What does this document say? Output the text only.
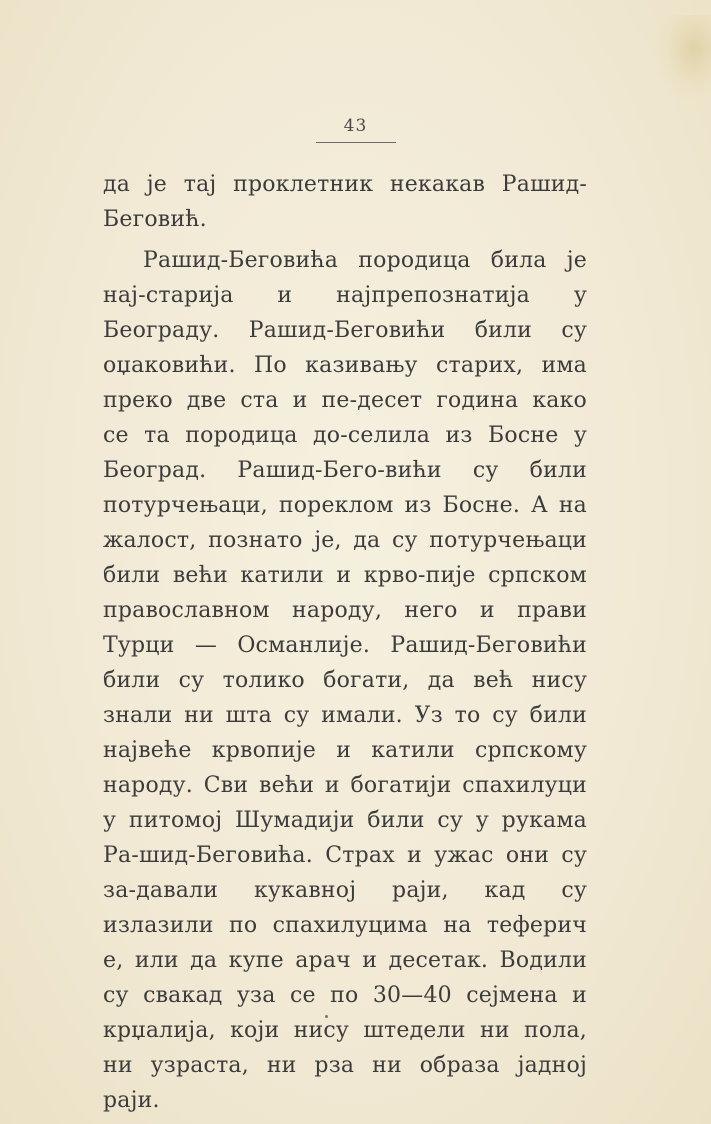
43

да је тај проклетник некакав Рашид-Беговић.

Рашид-Беговића породица била је нај-старија и најпрепознатија у Београду. Рашид-Беговићи били су оџаковићи. По казивању старих, има преко две ста и пе-десет година како се та породица до-селила из Босне у Београд. Рашид-Бего-вићи су били потурчењаци, пореклом из Босне. А на жалост, познато је, да су потурчењаци били већи катили и крво-пије српском православном народу, него и прави Турци — Османлије. Рашид-Беговићи били су толико богати, да већ нису знали ни шта су имали. Уз то су били највеће крвопије и катили српскому народу. Сви већи и богатији спахилуци у питомој Шумадији били су у рукама Ра-шид-Беговића. Страх и ужас они су за-давали кукавној раји, кад су излазили по спахилуцима на теферич е, или да купе арач и десетак. Водили су свакад уза се по 30—40 сејмена и крџалија, који нису штедели ни пола, ни узраста, ни рза ни образа јадној раји.
